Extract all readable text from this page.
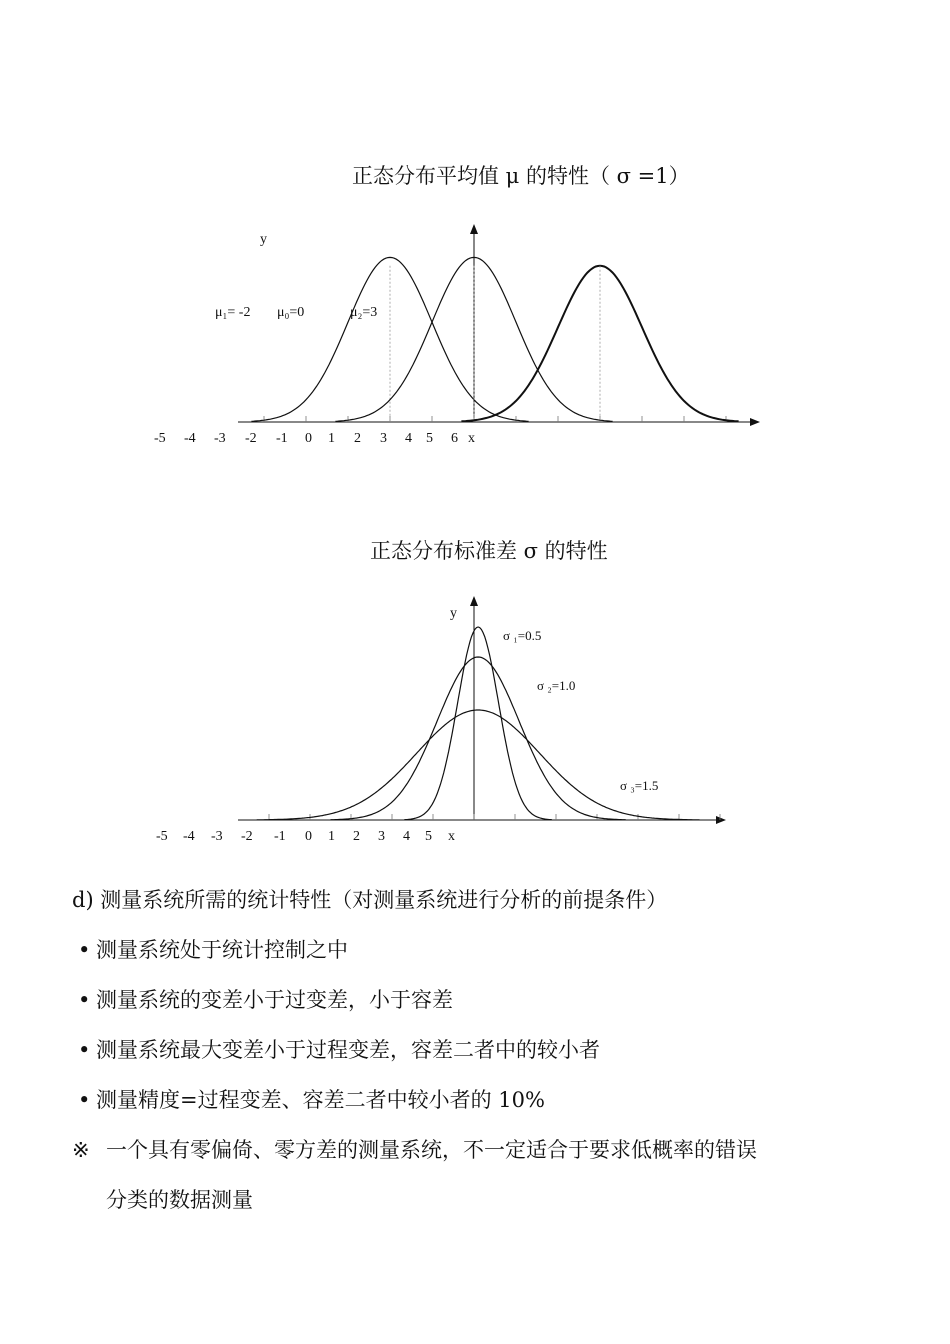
正态分布平均值 μ 的特性（ σ =1）
-5 -4 -3 -2 -1 0 1 2 3 4 5 6 x
y
μ₁= -2 μ₀=0	μ₂=3
正态分布标准差 σ 的特性
-5 -4 -3 -2 -1 0 1 2 3 4 5 x
y
σ ₁=0.5
σ ₂=1.0
σ ₃=1.5
d) 测量系统所需的统计特性（对测量系统进行分析的前提条件）
• 测量系统处于统计控制之中
• 测量系统的变差小于过变差，小于容差
• 测量系统最大变差小于过程变差，容差二者中的较小者
• 测量精度=过程变差、容差二者中较小者的 10%
※ 一个具有零偏倚、零方差的测量系统，不一定适合于要求低概率的错误
分类的数据测量
